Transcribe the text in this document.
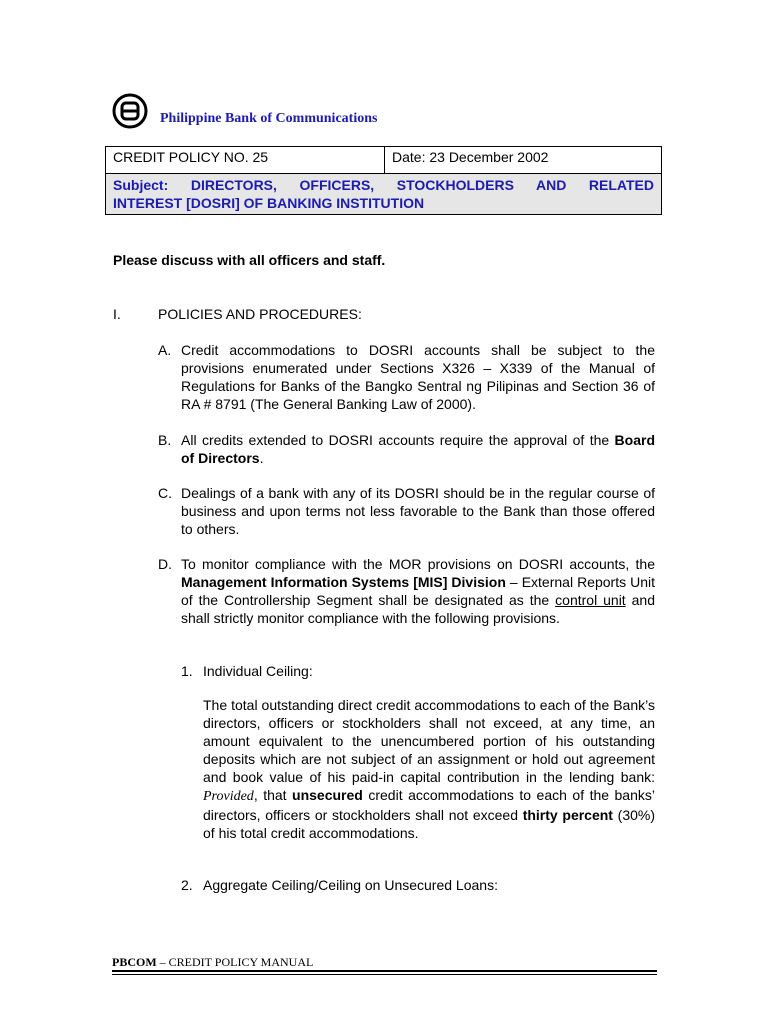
Philippine Bank of Communications
CREDIT POLICY NO. 25	Date: 23 December 2002

Subject: DIRECTORS, OFFICERS, STOCKHOLDERS AND RELATED
INTEREST [DOSRI] OF BANKING INSTITUTION
Please discuss with all officers and staff.
I.	POLICIES AND PROCEDURES:
A. Credit accommodations to DOSRI accounts shall be subject to the provisions enumerated under Sections X326 – X339 of the Manual of Regulations for Banks of the Bangko Sentral ng Pilipinas and Section 36 of RA # 8791 (The General Banking Law of 2000).
B. All credits extended to DOSRI accounts require the approval of the Board of Directors.
C. Dealings of a bank with any of its DOSRI should be in the regular course of business and upon terms not less favorable to the Bank than those offered to others.
D. To monitor compliance with the MOR provisions on DOSRI accounts, the Management Information Systems [MIS] Division – External Reports Unit of the Controllership Segment shall be designated as the control unit and shall strictly monitor compliance with the following provisions.
1. Individual Ceiling:
The total outstanding direct credit accommodations to each of the Bank’s directors, officers or stockholders shall not exceed, at any time, an amount equivalent to the unencumbered portion of his outstanding deposits which are not subject of an assignment or hold out agreement and book value of his paid-in capital contribution in the lending bank: Provided, that unsecured credit accommodations to each of the banks’ directors, officers or stockholders shall not exceed thirty percent (30%) of his total credit accommodations.
2. Aggregate Ceiling/Ceiling on Unsecured Loans:
PBCOM – CREDIT POLICY MANUAL
